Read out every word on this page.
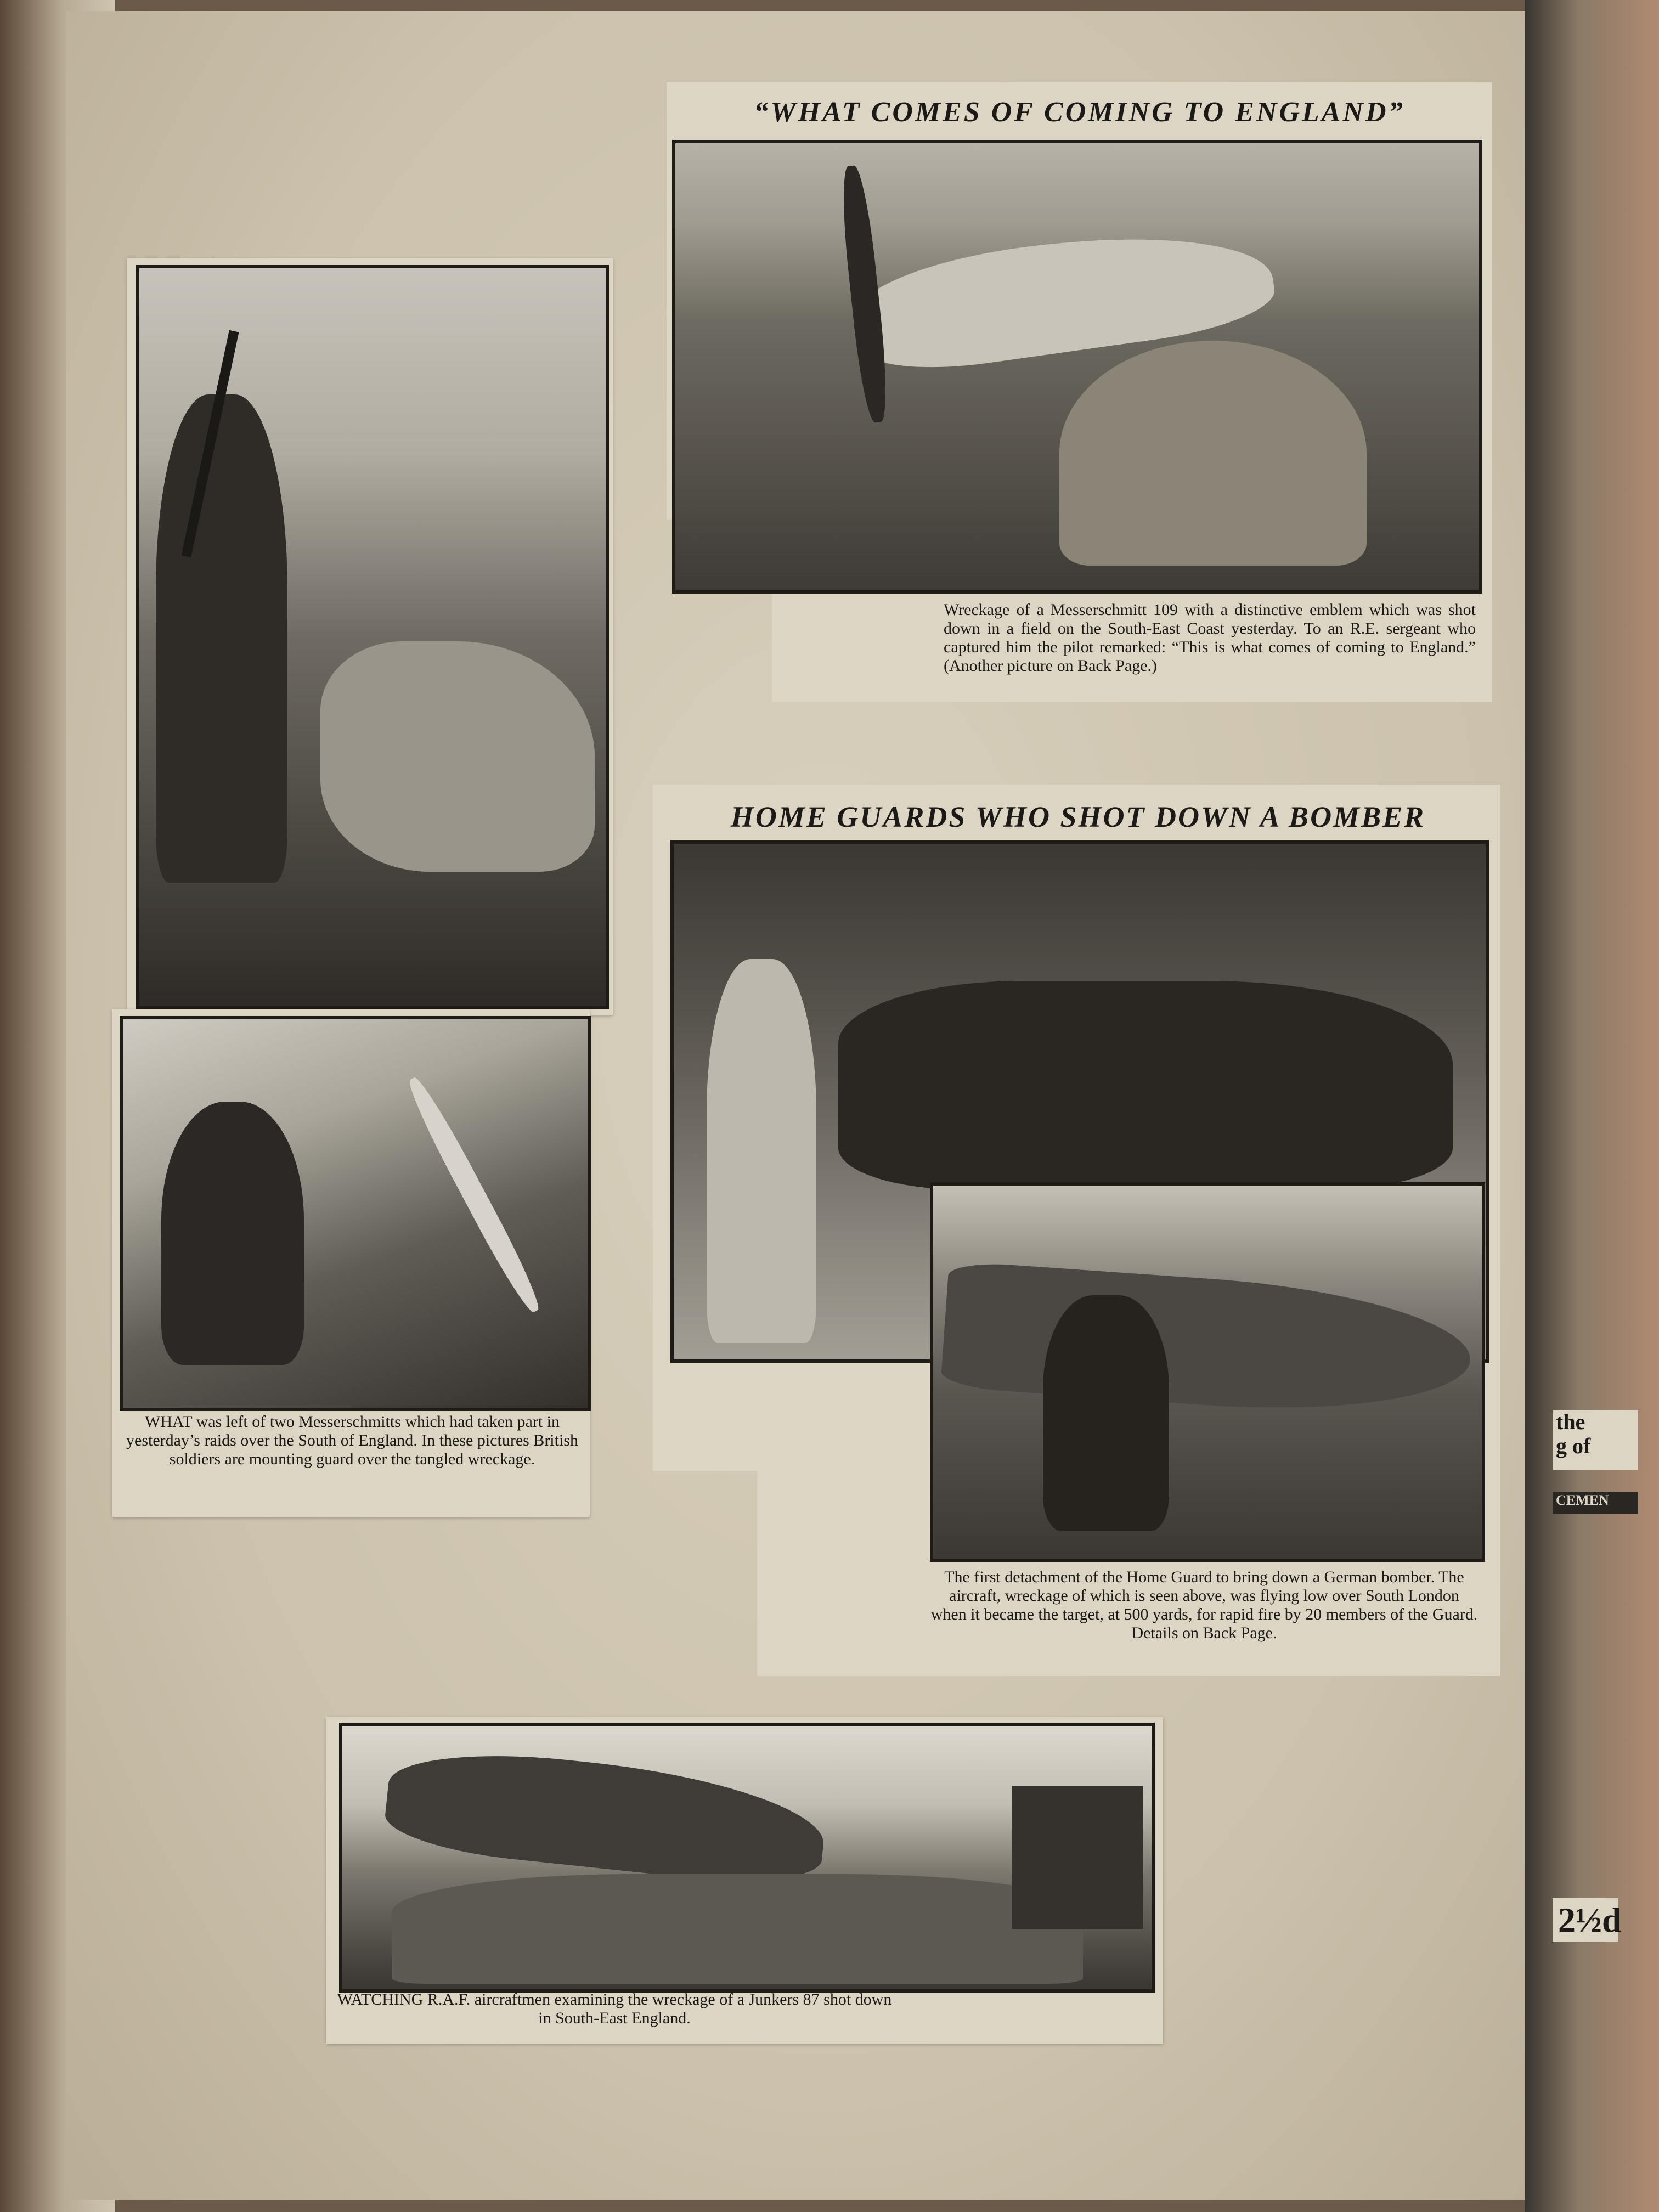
“WHAT COMES OF COMING TO ENGLAND”
Wreckage of a Messerschmitt 109 with a distinctive emblem which was shot down in a field on the South-East Coast yesterday. To an R.E. sergeant who captured him the pilot remarked: “This is what comes of coming to England.” (Another picture on Back Page.)
WHAT was left of two Messerschmitts which had taken part in yesterday’s raids over the South of England. In these pictures British soldiers are mounting guard over the tangled wreckage.
HOME GUARDS WHO SHOT DOWN A BOMBER
The first detachment of the Home Guard to bring down a German bomber. The aircraft, wreckage of which is seen above, was flying low over South London when it became the target, at 500 yards, for rapid fire by 20 members of the Guard. Details on Back Page.
WATCHING R.A.F. aircraftmen examining the wreckage of a Junkers 87 shot down in South-East England.
the
g of
CEMEN
2½d
